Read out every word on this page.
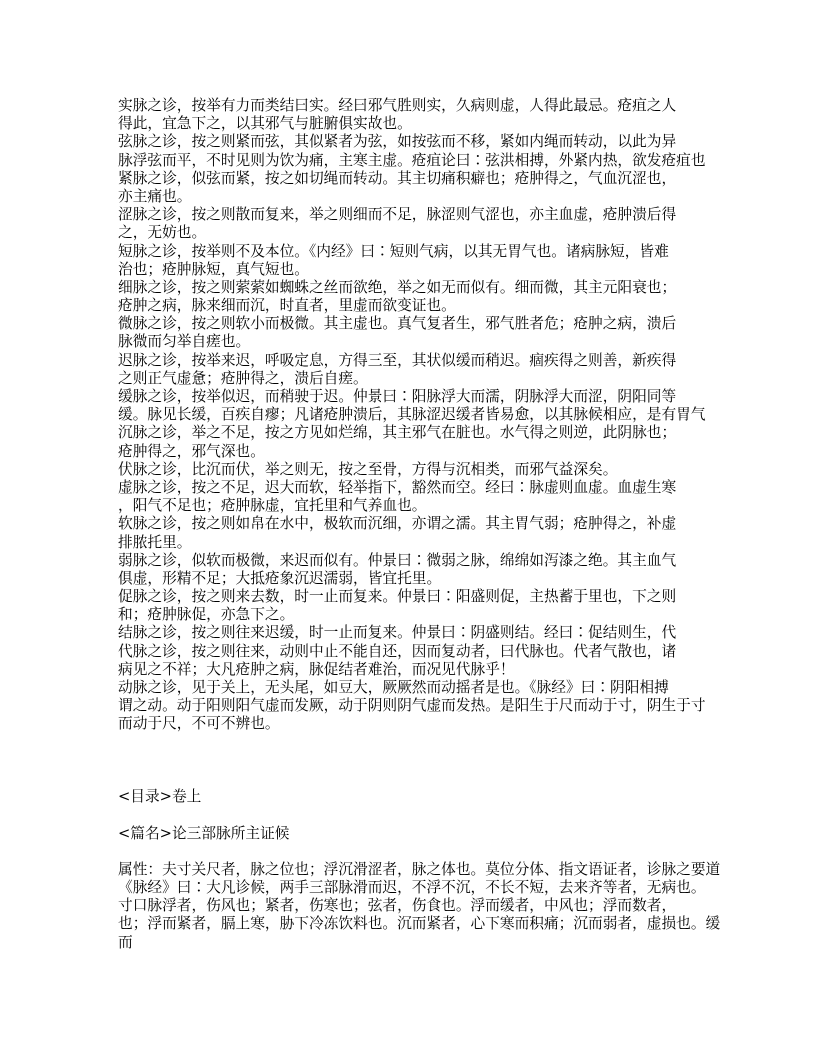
实脉之诊，按举有力而类结曰实。经曰邪气胜则实，久病则虚，人得此最忌。疮疽之人
得此，宜急下之，以其邪气与脏腑俱实故也。
弦脉之诊，按之则紧而弦，其似紧者为弦，如按弦而不移，紧如内绳而转动，以此为异
脉浮弦而平，不时见则为饮为痛，主寒主虚。疮疽论曰∶弦洪相搏，外紧内热，欲发疮疽也
紧脉之诊，似弦而紧，按之如切绳而转动。其主切痛积癖也；疮肿得之，气血沉涩也，
亦主痛也。
涩脉之诊，按之则散而复来，举之则细而不足，脉涩则气涩也，亦主血虚，疮肿溃后得
之，无妨也。
短脉之诊，按举则不及本位。《内经》曰∶短则气病，以其无胃气也。诸病脉短，皆难
治也；疮肿脉短，真气短也。
细脉之诊，按之则萦萦如蜘蛛之丝而欲绝，举之如无而似有。细而微，其主元阳衰也；
疮肿之病，脉来细而沉，时直者，里虚而欲变证也。
微脉之诊，按之则软小而极微。其主虚也。真气复者生，邪气胜者危；疮肿之病，溃后
脉微而匀举自瘥也。
迟脉之诊，按举来迟，呼吸定息，方得三至，其状似缓而稍迟。痼疾得之则善，新疾得
之则正气虚惫；疮肿得之，溃后自瘥。
缓脉之诊，按举似迟，而稍驶于迟。仲景曰∶阳脉浮大而濡，阴脉浮大而涩，阴阳同等
缓。脉见长缓，百疾自瘳；凡诸疮肿溃后，其脉涩迟缓者皆易愈，以其脉候相应，是有胃气
沉脉之诊，举之不足，按之方见如烂绵，其主邪气在脏也。水气得之则逆，此阴脉也；
疮肿得之，邪气深也。
伏脉之诊，比沉而伏，举之则无，按之至骨，方得与沉相类，而邪气益深矣。
虚脉之诊，按之不足，迟大而软，轻举指下，豁然而空。经曰∶脉虚则血虚。血虚生寒
，阳气不足也；疮肿脉虚，宜托里和气养血也。
软脉之诊，按之则如帛在水中，极软而沉细，亦谓之濡。其主胃气弱；疮肿得之，补虚
排脓托里。
弱脉之诊，似软而极微，来迟而似有。仲景曰∶微弱之脉，绵绵如泻漆之绝。其主血气
俱虚，形精不足；大抵疮象沉迟濡弱，皆宜托里。
促脉之诊，按之则来去数，时一止而复来。仲景曰∶阳盛则促，主热蓄于里也，下之则
和；疮肿脉促，亦急下之。
结脉之诊，按之则往来迟缓，时一止而复来。仲景曰∶阴盛则结。经曰∶促结则生，代
代脉之诊，按之则往来，动则中止不能自还，因而复动者，曰代脉也。代者气散也，诸
病见之不祥；大凡疮肿之病，脉促结者难治，而况见代脉乎！
动脉之诊，见于关上，无头尾，如豆大，厥厥然而动摇者是也。《脉经》曰∶阴阳相搏
谓之动。动于阳则阳气虚而发厥，动于阴则阴气虚而发热。是阳生于尺而动于寸，阴生于寸
而动于尺，不可不辨也。
<目录>卷上
<篇名>论三部脉所主证候
属性：夫寸关尺者，脉之位也；浮沉滑涩者，脉之体也。莫位分体、指文语证者，诊脉之要道
《脉经》曰∶大凡诊候，两手三部脉滑而迟，不浮不沉，不长不短，去来齐等者，无病也。
寸口脉浮者，伤风也；紧者，伤寒也；弦者，伤食也。浮而缓者，中风也；浮而数者，
也；浮而紧者，膈上寒，胁下冷冻饮料也。沉而紧者，心下寒而积痛；沉而弱者，虚损也。缓
而
